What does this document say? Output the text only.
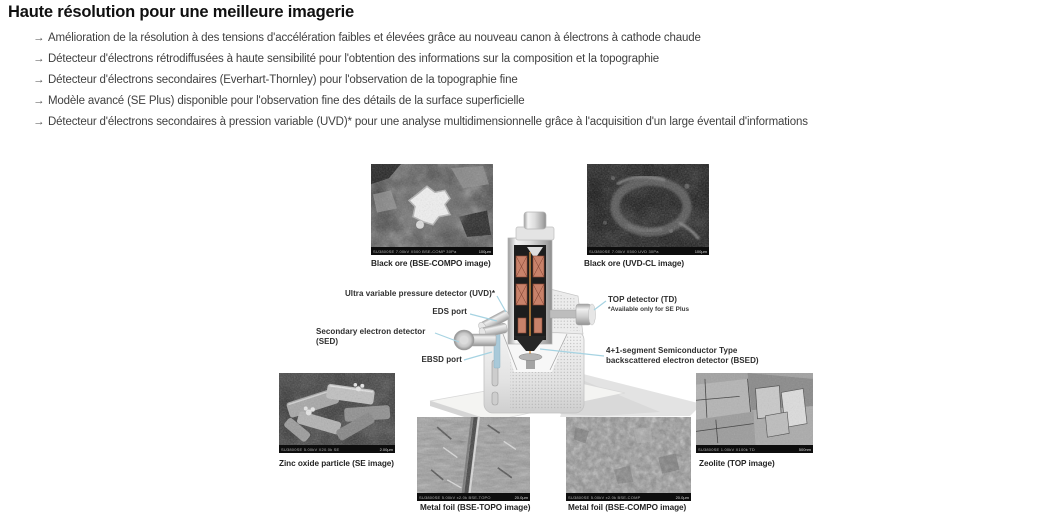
Haute résolution pour une meilleure imagerie
→ Amélioration de la résolution à des tensions d'accélération faibles et élevées grâce au nouveau canon à électrons à cathode chaude
→ Détecteur d'électrons rétrodiffusées à haute sensibilité pour l'obtention des informations sur la composition et la topographie
→ Détecteur d'électrons secondaires (Everhart-Thornley) pour l'observation de la topographie fine
→ Modèle avancé (SE Plus) disponible pour l'observation fine des détails de la surface superficielle
→ Détecteur d'électrons secondaires à pression variable (UVD)* pour une analyse multidimensionnelle grâce à l'acquisition d'un large éventail d'informations
Ultra variable pressure detector (UVD)*
EDS port
Secondary electron detector
(SED)
EBSD port
TOP detector (TD)
*Available only for SE Plus
4+1-segment Semiconductor Type
backscattered electron detector (BSED)
SU3800SE 7.00kV X500 BSE-COMP 30Pa	100μm
Black ore (BSE-COMPO image)
SU3800SE 7.00kV X500 UVD 30Pa	100μm
Black ore (UVD-CL image)
SU3800SE 5.00kV X20.0k SE	2.00μm
Zinc oxide particle (SE image)
SU3800SE 5.00kV x2.0k BSE-TOPO	20.0μm
Metal foil (BSE-TOPO image)
SU3800SE 5.00kV x2.0k BSE-COMP	20.0μm
Metal foil (BSE-COMPO image)
SU3800SE 1.00kV X100k TD	500nm
Zeolite (TOP image)
